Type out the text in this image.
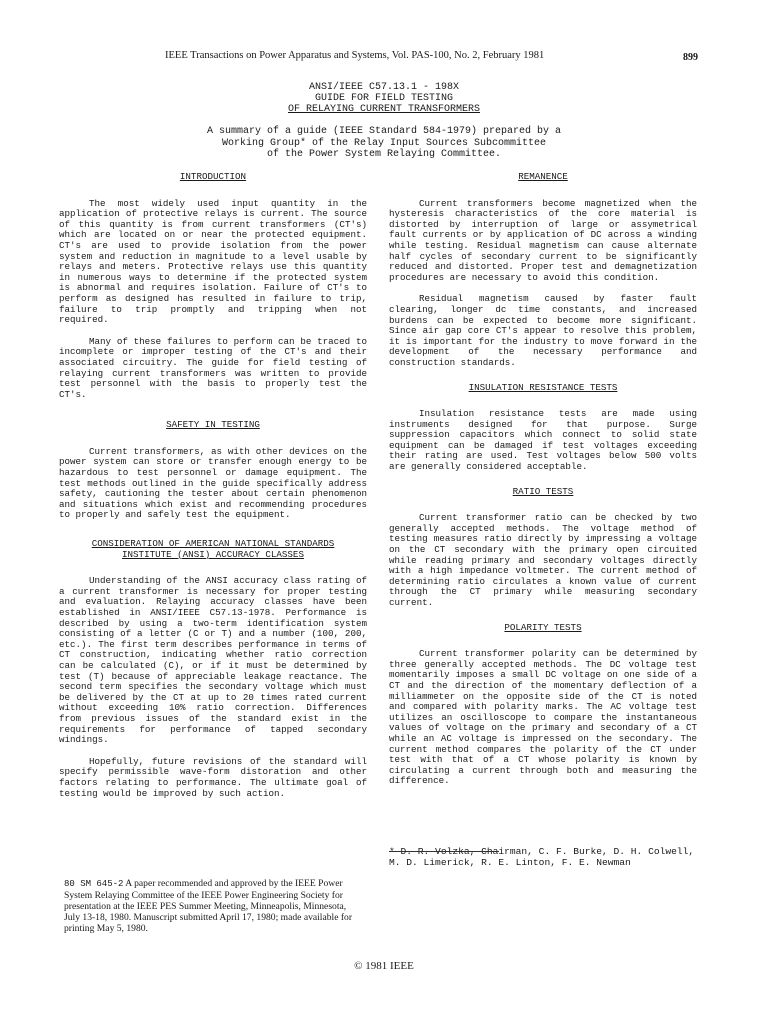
IEEE Transactions on Power Apparatus and Systems, Vol. PAS-100, No. 2, February 1981	899
ANSI/IEEE C57.13.1 - 198X
GUIDE FOR FIELD TESTING
OF RELAYING CURRENT TRANSFORMERS
A summary of a guide (IEEE Standard 584-1979) prepared by a
Working Group* of the Relay Input Sources Subcommittee
of the Power System Relaying Committee.
INTRODUCTION

The most widely used input quantity in the application of protective relays is current. The source of this quantity is from current transformers (CT's) which are located on or near the protected equipment. CT's are used to provide isolation from the power system and reduction in magnitude to a level usable by relays and meters. Protective relays use this quantity in numerous ways to determine if the protected system is abnormal and requires isolation. Failure of CT's to perform as designed has resulted in failure to trip, failure to trip promptly and tripping when not required.

Many of these failures to perform can be traced to incomplete or improper testing of the CT's and their associated circuitry. The guide for field testing of relaying current transformers was written to provide test personnel with the basis to properly test the CT's.

SAFETY IN TESTING

Current transformers, as with other devices on the power system can store or transfer enough energy to be hazardous to test personnel or damage equipment. The test methods outlined in the guide specifically address safety, cautioning the tester about certain phenomenon and situations which exist and recommending procedures to properly and safely test the equipment.

CONSIDERATION OF AMERICAN NATIONAL STANDARDS
INSTITUTE (ANSI) ACCURACY CLASSES

Understanding of the ANSI accuracy class rating of a current transformer is necessary for proper testing and evaluation. Relaying accuracy classes have been established in ANSI/IEEE C57.13-1978. Performance is described by using a two-term identification system consisting of a letter (C or T) and a number (100, 200, etc.). The first term describes performance in terms of CT construction, indicating whether ratio correction can be calculated (C), or if it must be determined by test (T) because of appreciable leakage reactance. The second term specifies the secondary voltage which must be delivered by the CT at up to 20 times rated current without exceeding 10% ratio correction. Differences from previous issues of the standard exist in the requirements for performance of tapped secondary windings.

Hopefully, future revisions of the standard will specify permissible wave-form distoration and other factors relating to performance. The ultimate goal of testing would be improved by such action.

REMANENCE

Current transformers become magnetized when the hysteresis characteristics of the core material is distorted by interruption of large or assymetrical fault currents or by application of DC across a winding while testing. Residual magnetism can cause alternate half cycles of secondary current to be significantly reduced and distorted. Proper test and demagnetization procedures are necessary to avoid this condition.

Residual magnetism caused by faster fault clearing, longer dc time constants, and increased burdens can be expected to become more significant. Since air gap core CT's appear to resolve this problem, it is important for the industry to move forward in the development of the necessary performance and construction standards.

INSULATION RESISTANCE TESTS

Insulation resistance tests are made using instruments designed for that purpose. Surge suppression capacitors which connect to solid state equipment can be damaged if test voltages exceeding their rating are used. Test voltages below 500 volts are generally considered acceptable.

RATIO TESTS

Current transformer ratio can be checked by two generally accepted methods. The voltage method of testing measures ratio directly by impressing a voltage on the CT secondary with the primary open circuited while reading primary and secondary voltages directly with a high impedance voltmeter. The current method of determining ratio circulates a known value of current through the CT primary while measuring secondary current.

POLARITY TESTS

Current transformer polarity can be determined by three generally accepted methods. The DC voltage test momentarily imposes a small DC voltage on one side of a CT and the direction of the momentary deflection of a milliammeter on the opposite side of the CT is noted and compared with polarity marks. The AC voltage test utilizes an oscilloscope to compare the instantaneous values of voltage on the primary and secondary of a CT while an AC voltage is impressed on the secondary. The current method compares the polarity of the CT under test with that of a CT whose polarity is known by circulating a current through both and measuring the difference.

* D. R. Volzka, Chairman, C. F. Burke, D. H. Colwell,
M. D. Limerick, R. E. Linton, F. E. Newman
80 SM 645-2 A paper recommended and approved by the IEEE Power System Relaying Committee of the IEEE Power Engineering Society for presentation at the IEEE PES Summer Meeting, Minneapolis, Minnesota, July 13-18, 1980. Manuscript submitted April 17, 1980; made available for printing May 5, 1980.
© 1981 IEEE
